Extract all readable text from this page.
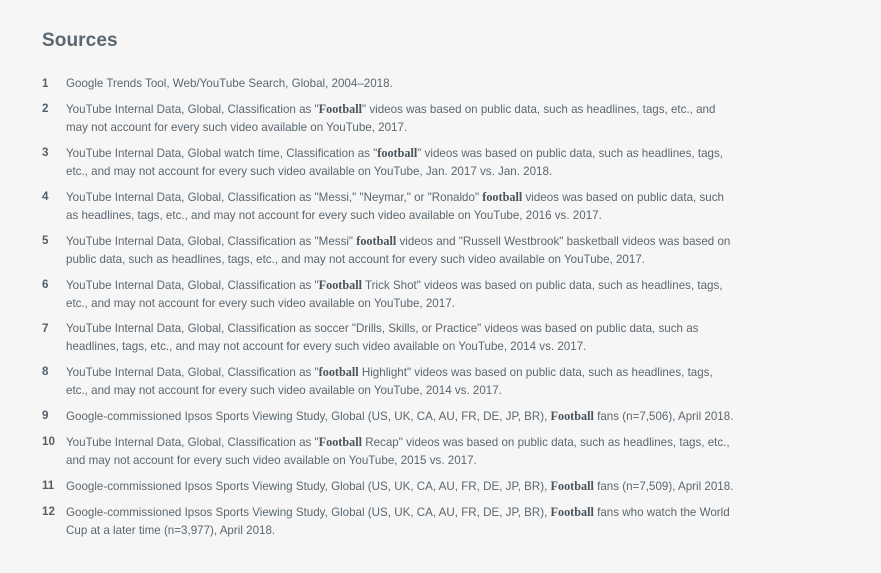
Sources
1	Google Trends Tool, Web/YouTube Search, Global, 2004–2018.
2	YouTube Internal Data, Global, Classification as "Football" videos was based on public data, such as headlines, tags, etc., and may not account for every such video available on YouTube, 2017.
3	YouTube Internal Data, Global watch time, Classification as "football" videos was based on public data, such as headlines, tags, etc., and may not account for every such video available on YouTube, Jan. 2017 vs. Jan. 2018.
4	YouTube Internal Data, Global, Classification as "Messi," "Neymar," or "Ronaldo" football videos was based on public data, such as headlines, tags, etc., and may not account for every such video available on YouTube, 2016 vs. 2017.
5	YouTube Internal Data, Global, Classification as "Messi" football videos and "Russell Westbrook" basketball videos was based on public data, such as headlines, tags, etc., and may not account for every such video available on YouTube, 2017.
6	YouTube Internal Data, Global, Classification as "Football Trick Shot" videos was based on public data, such as headlines, tags, etc., and may not account for every such video available on YouTube, 2017.
7	YouTube Internal Data, Global, Classification as soccer "Drills, Skills, or Practice" videos was based on public data, such as headlines, tags, etc., and may not account for every such video available on YouTube, 2014 vs. 2017.
8	YouTube Internal Data, Global, Classification as "football Highlight" videos was based on public data, such as headlines, tags, etc., and may not account for every such video available on YouTube, 2014 vs. 2017.
9	Google-commissioned Ipsos Sports Viewing Study, Global (US, UK, CA, AU, FR, DE, JP, BR), Football fans (n=7,506), April 2018.
10 YouTube Internal Data, Global, Classification as "Football Recap" videos was based on public data, such as headlines, tags, etc., and may not account for every such video available on YouTube, 2015 vs. 2017.
11	Google-commissioned Ipsos Sports Viewing Study, Global (US, UK, CA, AU, FR, DE, JP, BR), Football fans (n=7,509), April 2018.
12 Google-commissioned Ipsos Sports Viewing Study, Global (US, UK, CA, AU, FR, DE, JP, BR), Football fans who watch the World Cup at a later time (n=3,977), April 2018.
